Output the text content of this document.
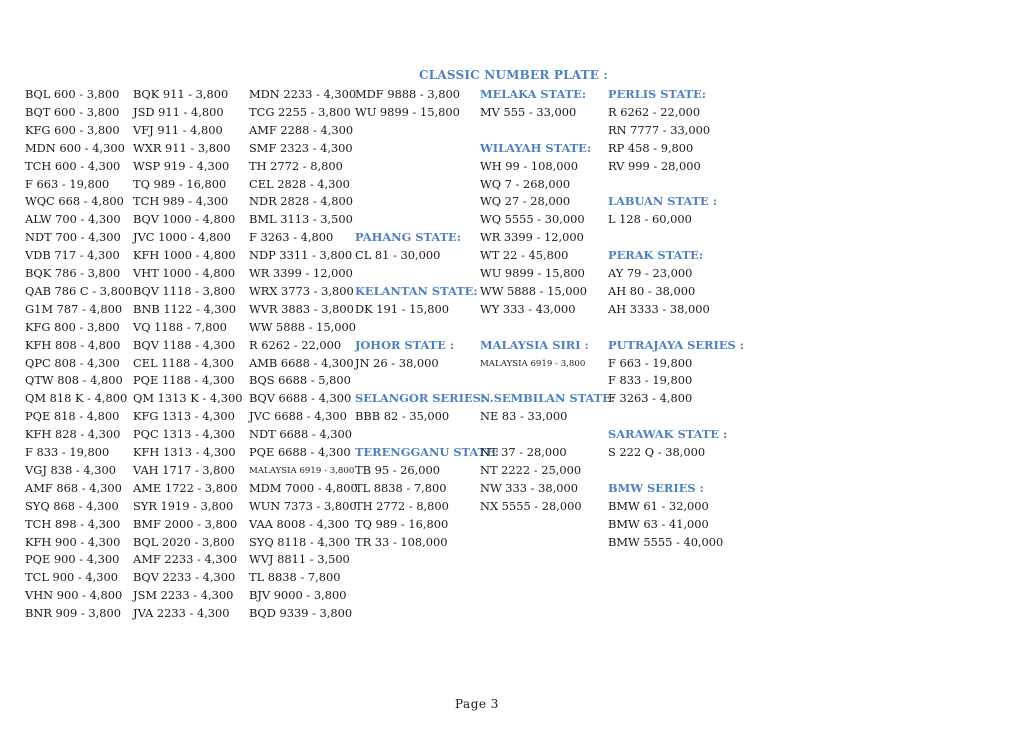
CLASSIC NUMBER PLATE :
BQL 600 - 3,800
BQT 600 - 3,800
KFG 600 - 3,800
MDN 600 - 4,300
TCH 600 - 4,300
F 663 - 19,800
WQC 668 - 4,800
ALW 700 - 4,300
NDT 700 - 4,300
VDB 717 - 4,300
BQK 786 - 3,800
QAB 786 C - 3,800
G1M 787 - 4,800
KFG 800 - 3,800
KFH 808 - 4,800
QPC 808 - 4,300
QTW 808 - 4,800
QM 818 K - 4,800
PQE 818 - 4,800
KFH 828 - 4,300
F 833 - 19,800
VGJ 838 - 4,300
AMF 868 - 4,300
SYQ 868 - 4,300
TCH 898 - 4,300
KFH 900 - 4,300
PQE 900 - 4,300
TCL 900 - 4,300
VHN 900 - 4,800
BNR 909 - 3,800
BQK 911 - 3,800
JSD 911 - 4,800
VFJ 911 - 4,800
WXR 911 - 3,800
WSP 919 - 4,300
TQ 989 - 16,800
TCH 989 - 4,300
BQV 1000 - 4,800
JVC 1000 - 4,800
KFH 1000 - 4,800
VHT 1000 - 4,800
BQV 1118 - 3,800
BNB 1122 - 4,300
VQ 1188 - 7,800
BQV 1188 - 4,300
CEL 1188 - 4,300
PQE 1188 - 4,300
QM 1313 K - 4,300
KFG 1313 - 4,300
PQC 1313 - 4,300
KFH 1313 - 4,300
VAH 1717 - 3,800
AME 1722 - 3,800
SYR 1919 - 3,800
BMF 2000 - 3,800
BQL 2020 - 3,800
AMF 2233 - 4,300
BQV 2233 - 4,300
JSM 2233 - 4,300
JVA 2233 - 4,300
MDN 2233 - 4,300
TCG 2255 - 3,800
AMF 2288 - 4,300
SMF 2323 - 4,300
TH 2772 - 8,800
CEL 2828 - 4,300
NDR 2828 - 4,800
BML 3113 - 3,500
F 3263 - 4,800
NDP 3311 - 3,800
WR 3399 - 12,000
WRX 3773 - 3,800
WVR 3883 - 3,800
WW 5888 - 15,000
R 6262 - 22,000
AMB 6688 - 4,300
BQS 6688 - 5,800
BQV 6688 - 4,300
JVC 6688 - 4,300
NDT 6688 - 4,300
PQE 6688 - 4,300
MALAYSIA 6919 - 3,800
MDM 7000 - 4,800
WUN 7373 - 3,800
VAA 8008 - 4,300
SYQ 8118 - 4,300
WVJ 8811 - 3,500
TL 8838 - 7,800
BJV 9000 - 3,800
BQD 9339 - 3,800
MDF 9888 - 3,800
WU 9899 - 15,800
PAHANG STATE:
CL 81 - 30,000
KELANTAN STATE:
DK 191 - 15,800
JOHOR STATE :
JN 26 - 38,000
SELANGOR SERIES:
BBB 82 - 35,000
TERENGGANU STATE:
TB 95 - 26,000
TL 8838 - 7,800
TH 2772 - 8,800
TQ 989 - 16,800
TR 33 - 108,000
MELAKA STATE:
MV 555 - 33,000
WILAYAH STATE:
WH 99 - 108,000
WQ 7 - 268,000
WQ 27 - 28,000
WQ 5555 - 30,000
WR 3399 - 12,000
WT 22 - 45,800
WU 9899 - 15,800
WW 5888 - 15,000
WY 333 - 43,000
MALAYSIA SIRI :
MALAYSIA 6919 - 3,800
N.SEMBILAN STATE:
NE 83 - 33,000
NT 37 - 28,000
NT 2222 - 25,000
NW 333 - 38,000
NX 5555 - 28,000
PERLIS STATE:
R 6262 - 22,000
RN 7777 - 33,000
RP 458 - 9,800
RV 999 - 28,000
LABUAN STATE :
L 128 - 60,000
PERAK STATE:
AY 79 - 23,000
AH 80 - 38,000
AH 3333 - 38,000
PUTRAJAYA SERIES :
F 663 - 19,800
F 833 - 19,800
F 3263 - 4,800
SARAWAK STATE :
S 222 Q - 38,000
BMW SERIES :
BMW 61 - 32,000
BMW 63 - 41,000
BMW 5555 - 40,000
Page 3
